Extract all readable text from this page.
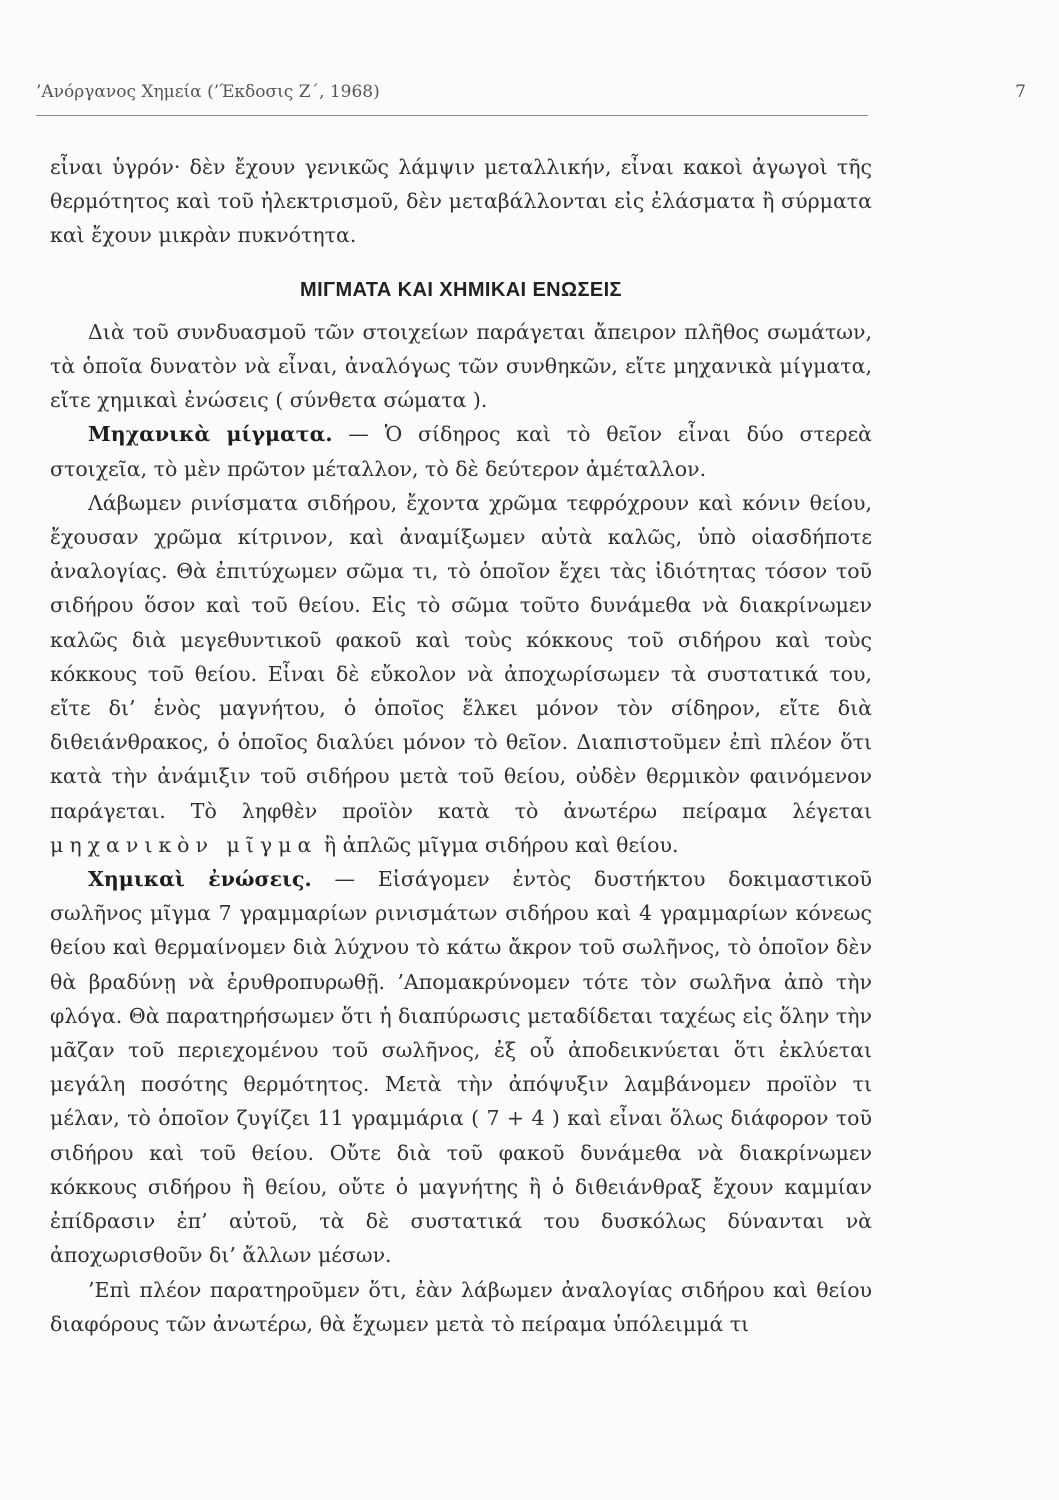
’Ανόργανος Χημεία (’Έκδοσις Ζ΄, 1968)	7

εἶναι ὑγρόν· δὲν ἔχουν γενικῶς λάμψιν μεταλλικήν, εἶναι κακοὶ ἀγωγοὶ τῆς θερμότητος καὶ τοῦ ἠλεκτρισμοῦ, δὲν μεταβάλλονται εἰς ἐλάσματα ἢ σύρματα καὶ ἔχουν μικρὰν πυκνότητα.

ΜΙΓΜΑΤΑ ΚΑΙ ΧΗΜΙΚΑΙ ΕΝΩΣΕΙΣ

Διὰ τοῦ συνδυασμοῦ τῶν στοιχείων παράγεται ἄπειρον πλῆθος σωμάτων, τὰ ὁποῖα δυνατὸν νὰ εἶναι, ἀναλόγως τῶν συνθηκῶν, εἴτε μηχανικὰ μίγματα, εἴτε χημικαὶ ἐνώσεις ( σύνθετα σώματα ).

Μηχανικὰ μίγματα. — Ὁ σίδηρος καὶ τὸ θεῖον εἶναι δύο στερεὰ στοιχεῖα, τὸ μὲν πρῶτον μέταλλον, τὸ δὲ δεύτερον ἀμέταλλον.

Λάβωμεν ρινίσματα σιδήρου, ἔχοντα χρῶμα τεφρόχρουν καὶ κόνιν θείου, ἔχουσαν χρῶμα κίτρινον, καὶ ἀναμίξωμεν αὐτὰ καλῶς, ὑπὸ οἱασδήποτε ἀναλογίας. Θὰ ἐπιτύχωμεν σῶμα τι, τὸ ὁποῖον ἔχει τὰς ἰδιότητας τόσον τοῦ σιδήρου ὅσον καὶ τοῦ θείου. Εἰς τὸ σῶμα τοῦτο δυνάμεθα νὰ διακρίνωμεν καλῶς διὰ μεγεθυντικοῦ φακοῦ καὶ τοὺς κόκκους τοῦ σιδήρου καὶ τοὺς κόκκους τοῦ θείου. Εἶναι δὲ εὔκολον νὰ ἀποχωρίσωμεν τὰ συστατικά του, εἴτε δι’ ἑνὸς μαγνήτου, ὁ ὁποῖος ἕλκει μόνον τὸν σίδηρον, εἴτε διὰ διθειάνθρακος, ὁ ὁποῖος διαλύει μόνον τὸ θεῖον. Διαπιστοῦμεν ἐπὶ πλέον ὅτι κατὰ τὴν ἀνάμιξιν τοῦ σιδήρου μετὰ τοῦ θείου, οὐδὲν θερμικὸν φαινόμενον παράγεται. Τὸ ληφθὲν προϊὸν κατὰ τὸ ἀνωτέρω πείραμα λέγεται μηχανικὸν μῖγμα ἢ ἁπλῶς μῖγμα σιδήρου καὶ θείου.

Χημικαὶ ἐνώσεις. — Εἰσάγομεν ἐντὸς δυστήκτου δοκιμαστικοῦ σωλῆνος μῖγμα 7 γραμμαρίων ρινισμάτων σιδήρου καὶ 4 γραμμαρίων κόνεως θείου καὶ θερμαίνομεν διὰ λύχνου τὸ κάτω ἄκρον τοῦ σωλῆνος, τὸ ὁποῖον δὲν θὰ βραδύνῃ νὰ ἐρυθροπυρωθῇ. ’Απομακρύνομεν τότε τὸν σωλῆνα ἀπὸ τὴν φλόγα. Θὰ παρατηρήσωμεν ὅτι ἡ διαπύρωσις μεταδίδεται ταχέως εἰς ὅλην τὴν μᾶζαν τοῦ περιεχομένου τοῦ σωλῆνος, ἐξ οὗ ἀποδεικνύεται ὅτι ἐκλύεται μεγάλη ποσότης θερμότητος. Μετὰ τὴν ἀπόψυξιν λαμβάνομεν προϊὸν τι μέλαν, τὸ ὁποῖον ζυγίζει 11 γραμμάρια ( 7 + 4 ) καὶ εἶναι ὅλως διάφορον τοῦ σιδήρου καὶ τοῦ θείου. Οὔτε διὰ τοῦ φακοῦ δυνάμεθα νὰ διακρίνωμεν κόκκους σιδήρου ἢ θείου, οὔτε ὁ μαγνήτης ἢ ὁ διθειάνθραξ ἔχουν καμμίαν ἐπίδρασιν ἐπ’ αὐτοῦ, τὰ δὲ συστατικά του δυσκόλως δύνανται νὰ ἀποχωρισθοῦν δι’ ἄλλων μέσων.

’Επὶ πλέον παρατηροῦμεν ὅτι, ἐὰν λάβωμεν ἀναλογίας σιδήρου καὶ θείου διαφόρους τῶν ἀνωτέρω, θὰ ἔχωμεν μετὰ τὸ πείραμα ὑπόλειμμά τι
